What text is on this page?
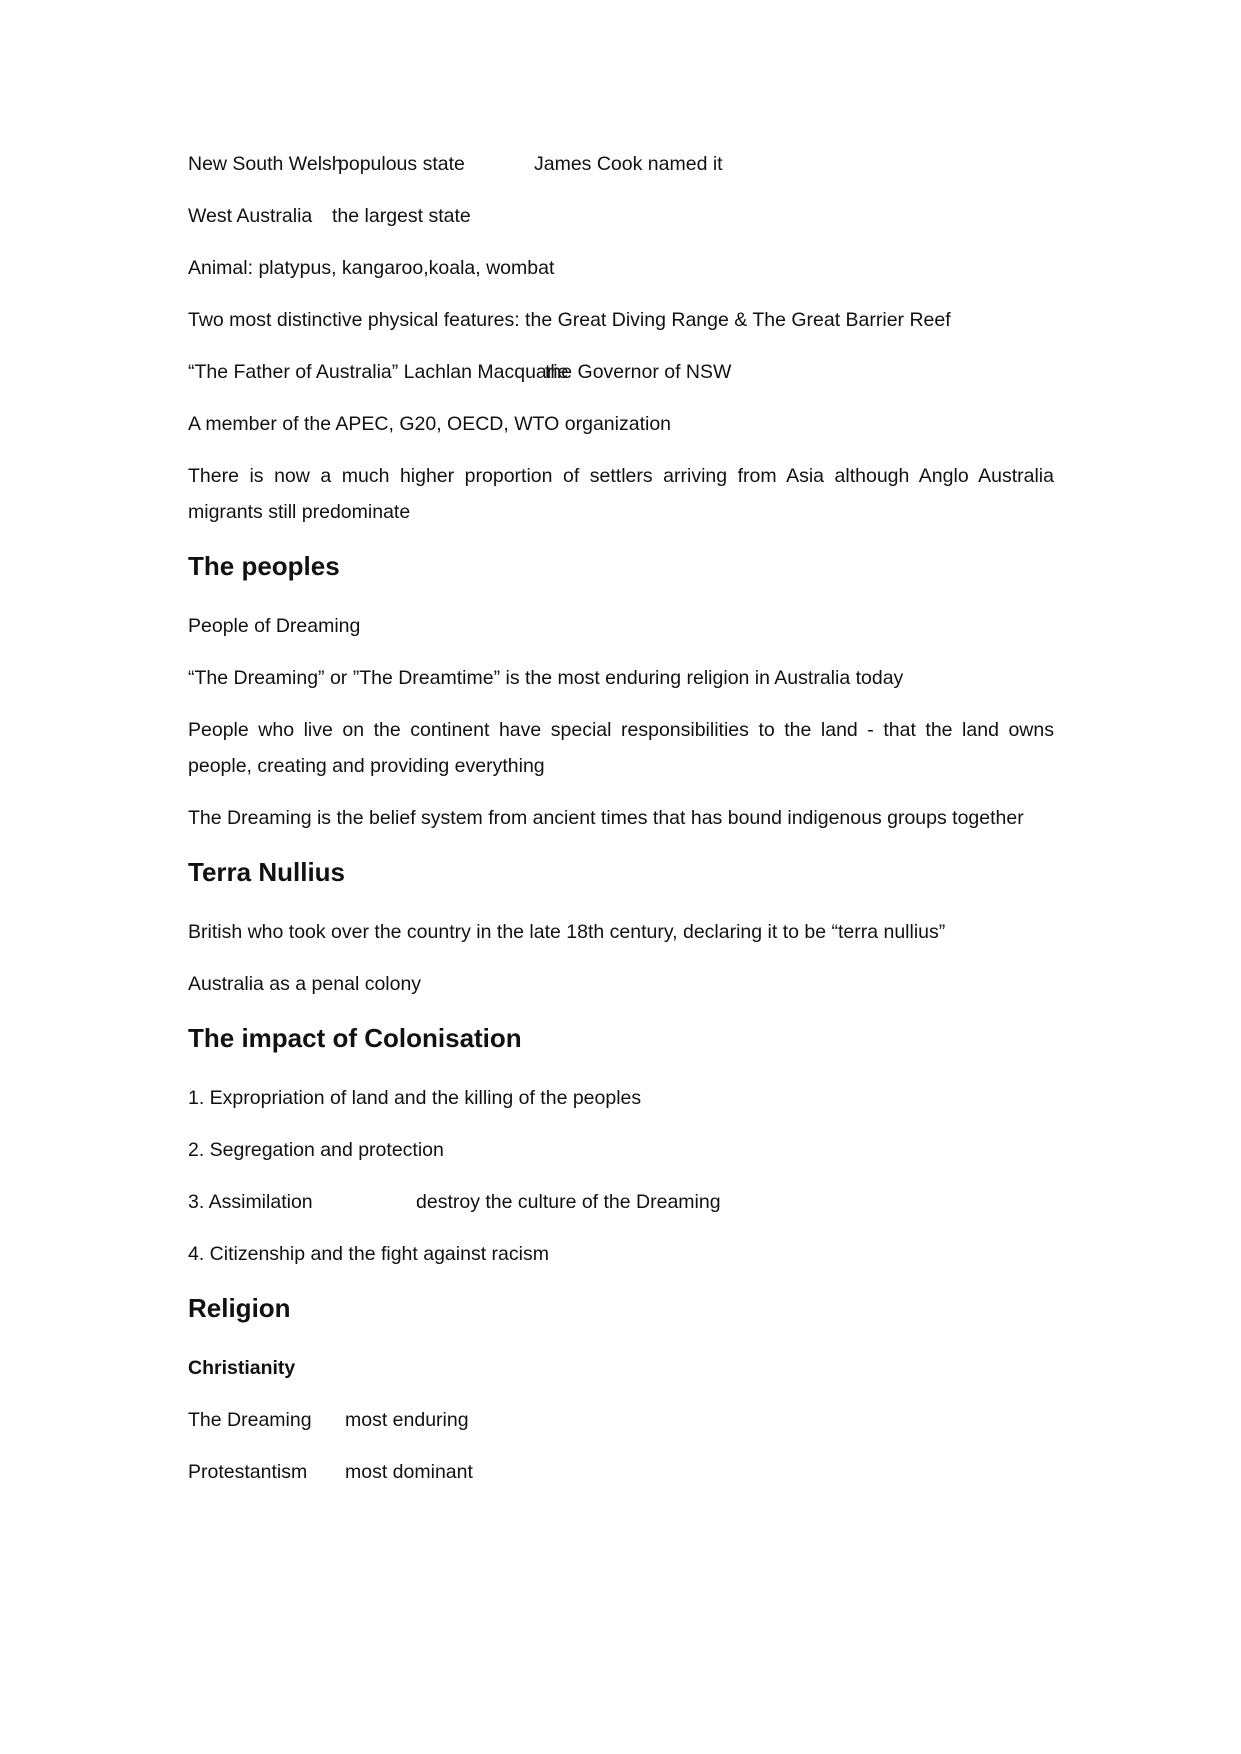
New South Welsh
populous state	James Cook named it
West Australia the largest state
Animal: platypus, kangaroo,koala, wombat
Two most distinctive physical features: the Great Diving Range & The Great Barrier Reef
“The Father of Australia” Lachlan Macquarie
the Governor of NSW
A member of the APEC, G20, OECD, WTO organization
There is now a much higher proportion of settlers arriving from Asia although Anglo Australia migrants still predominate
The peoples
People of Dreaming
“The Dreaming” or ”The Dreamtime” is the most enduring religion in Australia today
People who live on the continent have special responsibilities to the land - that the land owns people, creating and providing everything
The Dreaming is the belief system from ancient times that has bound indigenous groups together
Terra Nullius
British who took over the country in the late 18th century, declaring it to be “terra nullius”
Australia as a penal colony
The impact of Colonisation
1. Expropriation of land and the killing of the peoples
2. Segregation and protection
3. Assimilation	destroy the culture of the Dreaming
4. Citizenship and the fight against racism
Religion
Christianity
The Dreaming most enduring
Protestantism most dominant
